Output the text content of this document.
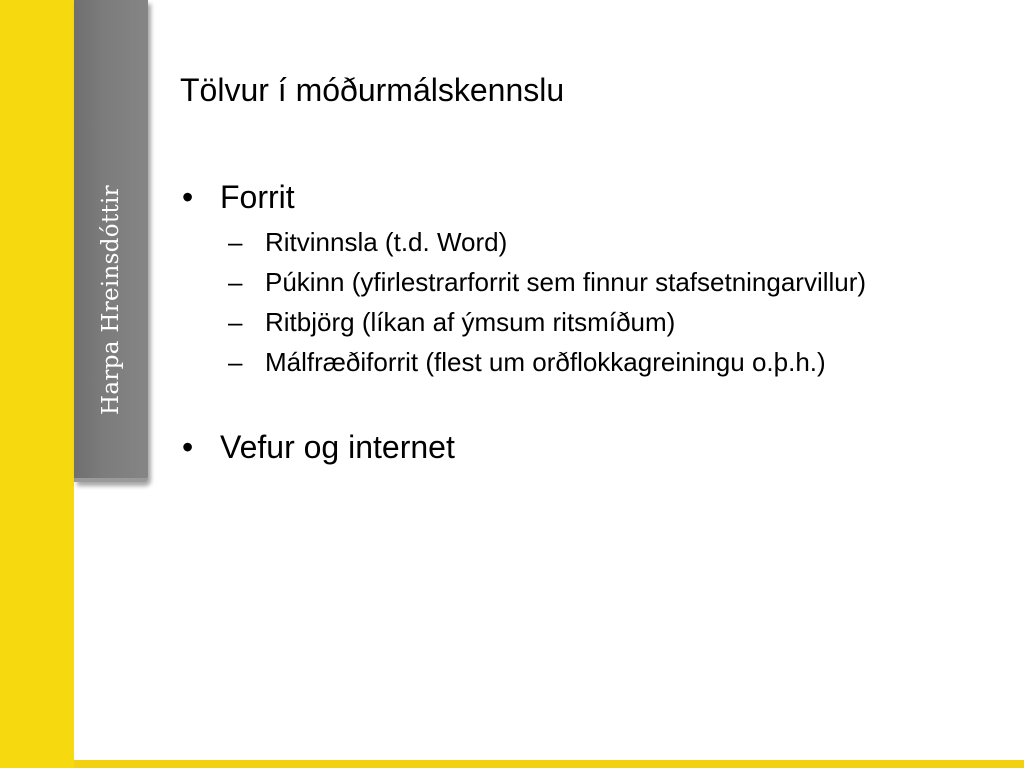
Harpa Hreinsdóttir
Tölvur í móðurmálskennslu
• Forrit
– Ritvinnsla (t.d. Word)
– Púkinn (yfirlestrarforrit sem finnur stafsetningarvillur)
– Ritbjörg (líkan af ýmsum ritsmíðum)
– Málfræðiforrit (flest um orðflokkagreiningu o.þ.h.)
• Vefur og internet
